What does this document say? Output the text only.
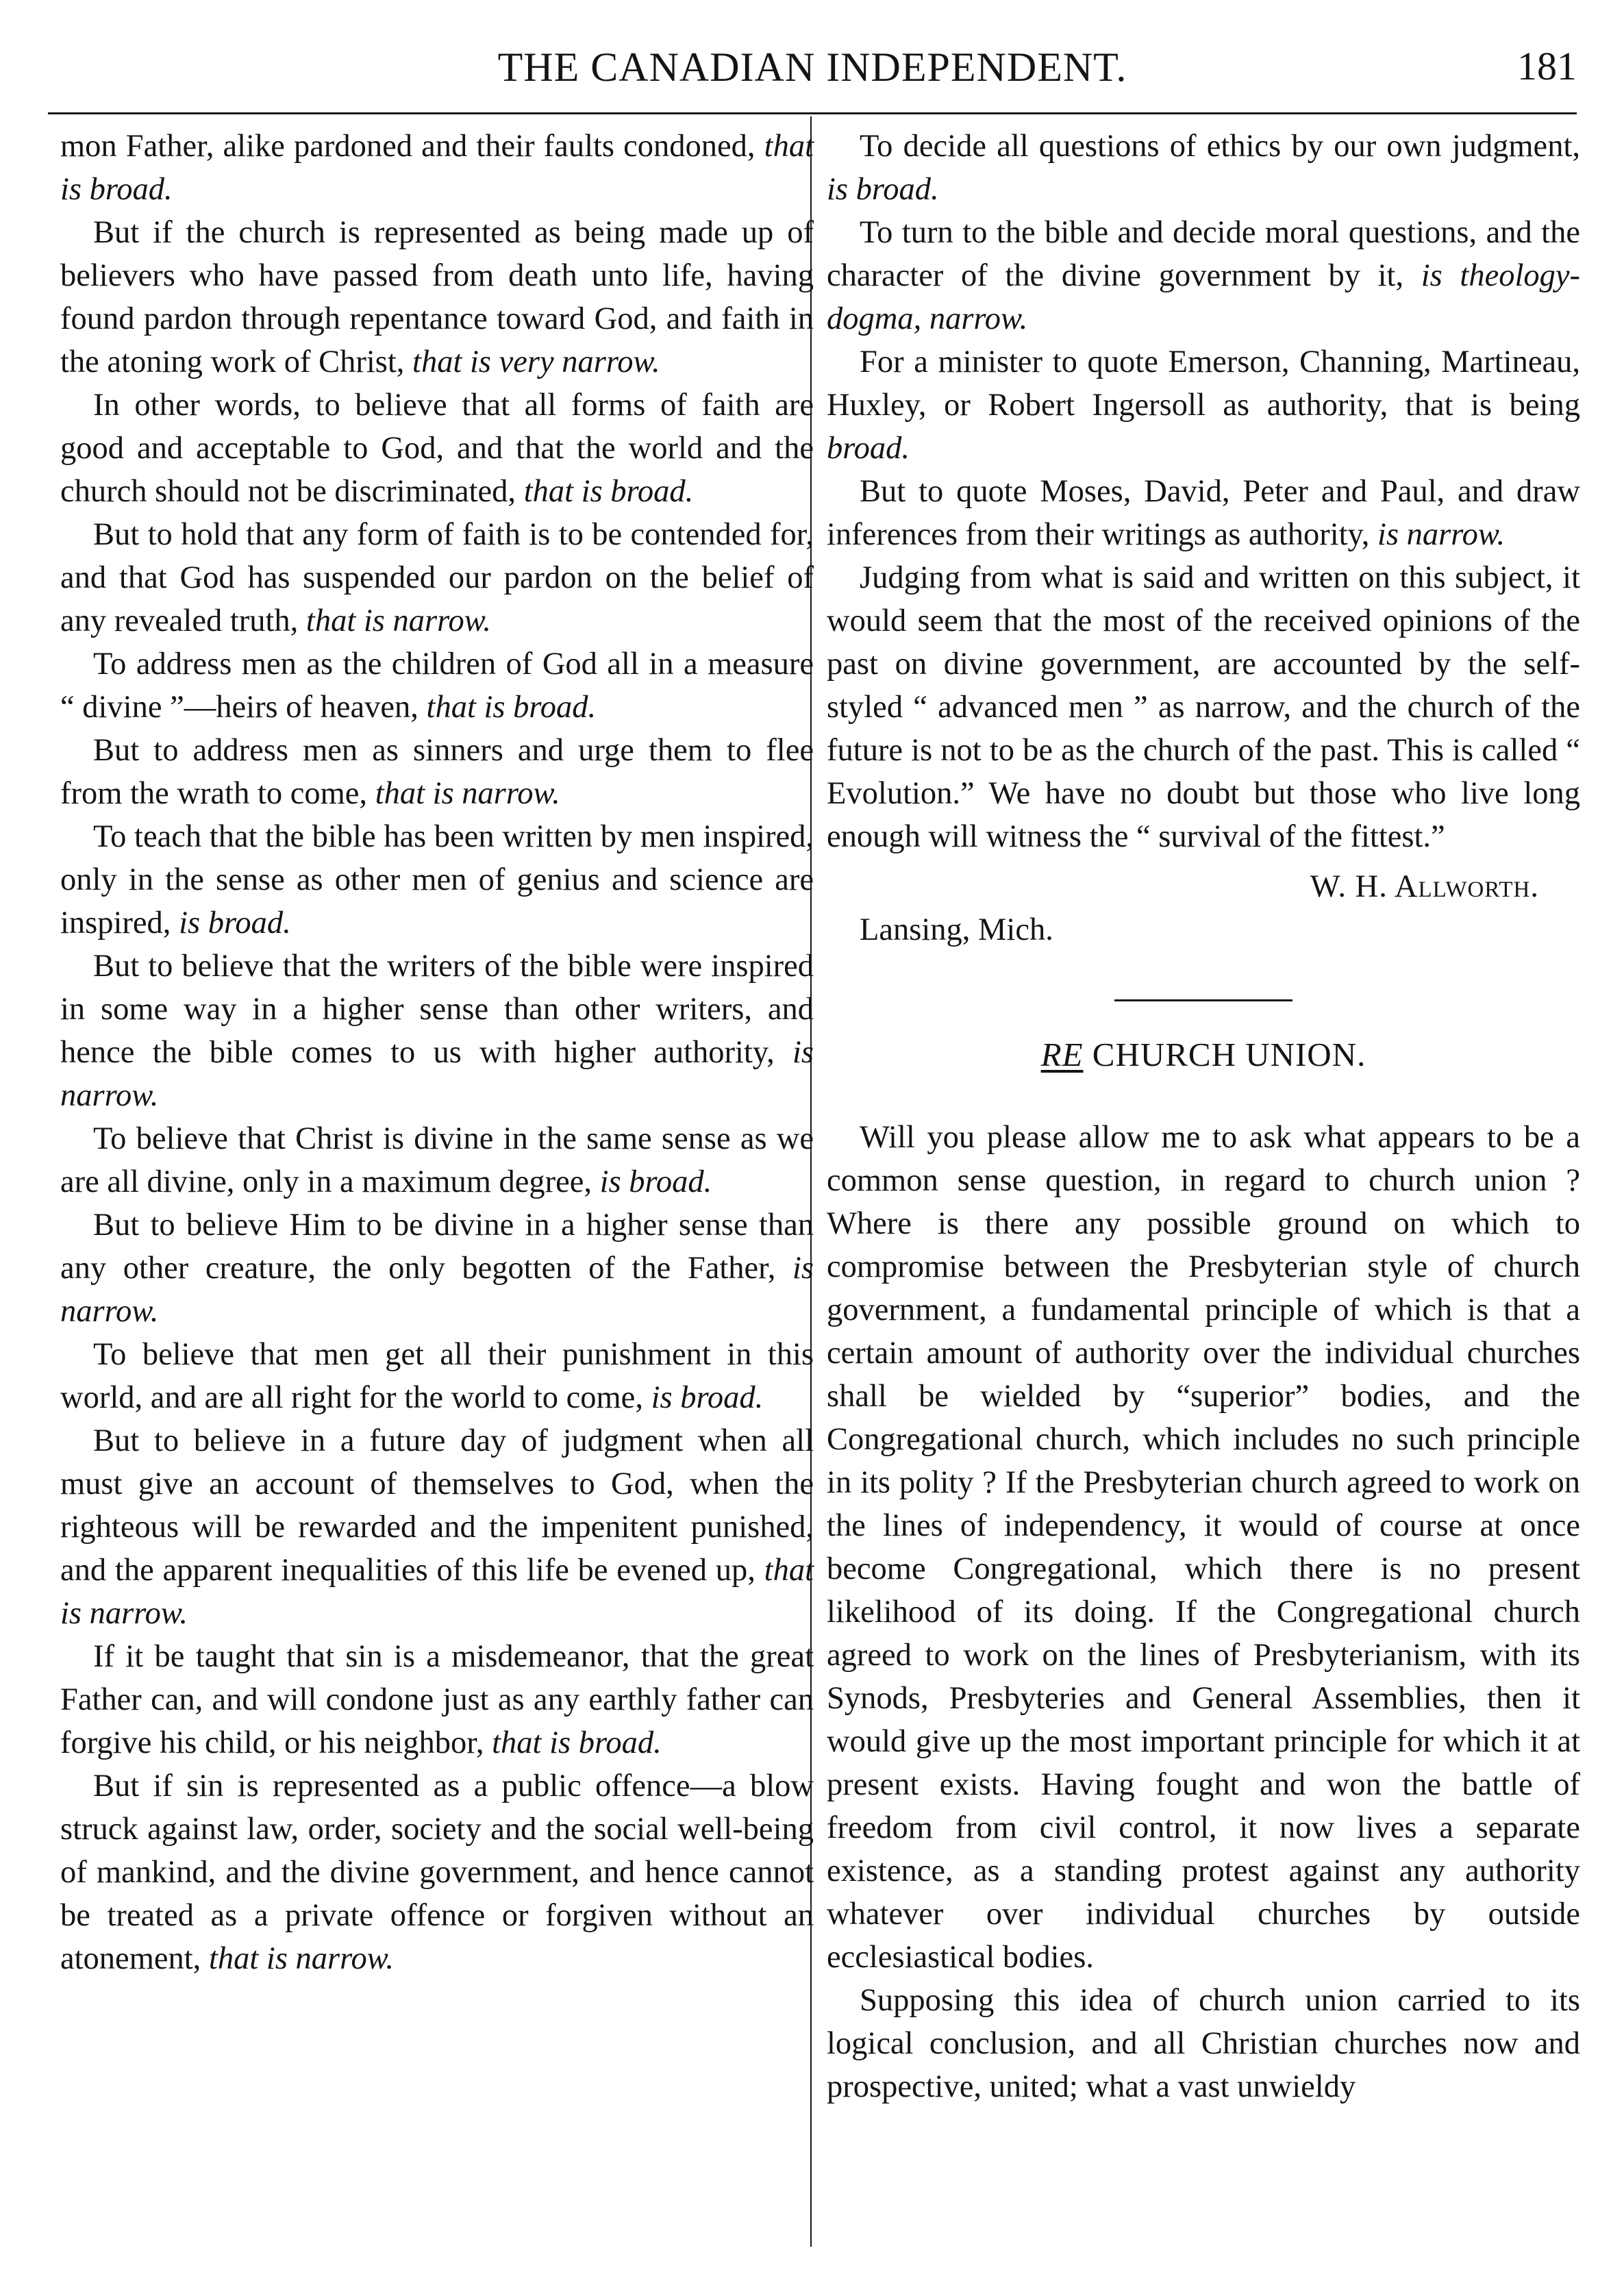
THE CANADIAN INDEPENDENT.	181

mon Father, alike pardoned and their faults condoned, that is broad.

But if the church is represented as being made up of believers who have passed from death unto life, having found pardon through repentance toward God, and faith in the atoning work of Christ, that is very narrow.

In other words, to believe that all forms of faith are good and acceptable to God, and that the world and the church should not be discriminated, that is broad.

But to hold that any form of faith is to be contended for, and that God has suspended our pardon on the belief of any revealed truth, that is narrow.

To address men as the children of God all in a measure “ divine ”—heirs of heaven, that is broad.

But to address men as sinners and urge them to flee from the wrath to come, that is narrow.

To teach that the bible has been written by men inspired, only in the sense as other men of genius and science are inspired, is broad.

But to believe that the writers of the bible were inspired in some way in a higher sense than other writers, and hence the bible comes to us with higher authority, is narrow.

To believe that Christ is divine in the same sense as we are all divine, only in a maximum degree, is broad.

But to believe Him to be divine in a higher sense than any other creature, the only begotten of the Father, is narrow.

To believe that men get all their punishment in this world, and are all right for the world to come, is broad.

But to believe in a future day of judgment when all must give an account of themselves to God, when the righteous will be rewarded and the impenitent punished, and the apparent inequalities of this life be evened up, that is narrow.

If it be taught that sin is a misdemeanor, that the great Father can, and will condone just as any earthly father can forgive his child, or his neighbor, that is broad.

But if sin is represented as a public offence—a blow struck against law, order, society and the social well-being of mankind, and the divine government, and hence cannot be treated as a private offence or forgiven without an atonement, that is narrow.

To decide all questions of ethics by our own judgment, is broad.

To turn to the bible and decide moral questions, and the character of the divine government by it, is theology-dogma, narrow.

For a minister to quote Emerson, Channing, Martineau, Huxley, or Robert Ingersoll as authority, that is being broad.

But to quote Moses, David, Peter and Paul, and draw inferences from their writings as authority, is narrow.

Judging from what is said and written on this subject, it would seem that the most of the received opinions of the past on divine government, are accounted by the self-styled “ advanced men ” as narrow, and the church of the future is not to be as the church of the past. This is called “ Evolution.” We have no doubt but those who live long enough will witness the “ survival of the fittest.”

W. H. Allworth.

Lansing, Mich.

RE CHURCH UNION.

Will you please allow me to ask what appears to be a common sense question, in regard to church union ? Where is there any possible ground on which to compromise between the Presbyterian style of church government, a fundamental principle of which is that a certain amount of authority over the individual churches shall be wielded by “superior” bodies, and the Congregational church, which includes no such principle in its polity ? If the Presbyterian church agreed to work on the lines of independency, it would of course at once become Congregational, which there is no present likelihood of its doing. If the Congregational church agreed to work on the lines of Presbyterianism, with its Synods, Presbyteries and General Assemblies, then it would give up the most important principle for which it at present exists. Having fought and won the battle of freedom from civil control, it now lives a separate existence, as a standing protest against any authority whatever over individual churches by outside ecclesiastical bodies.

Supposing this idea of church union carried to its logical conclusion, and all Christian churches now and prospective, united; what a vast unwieldy
